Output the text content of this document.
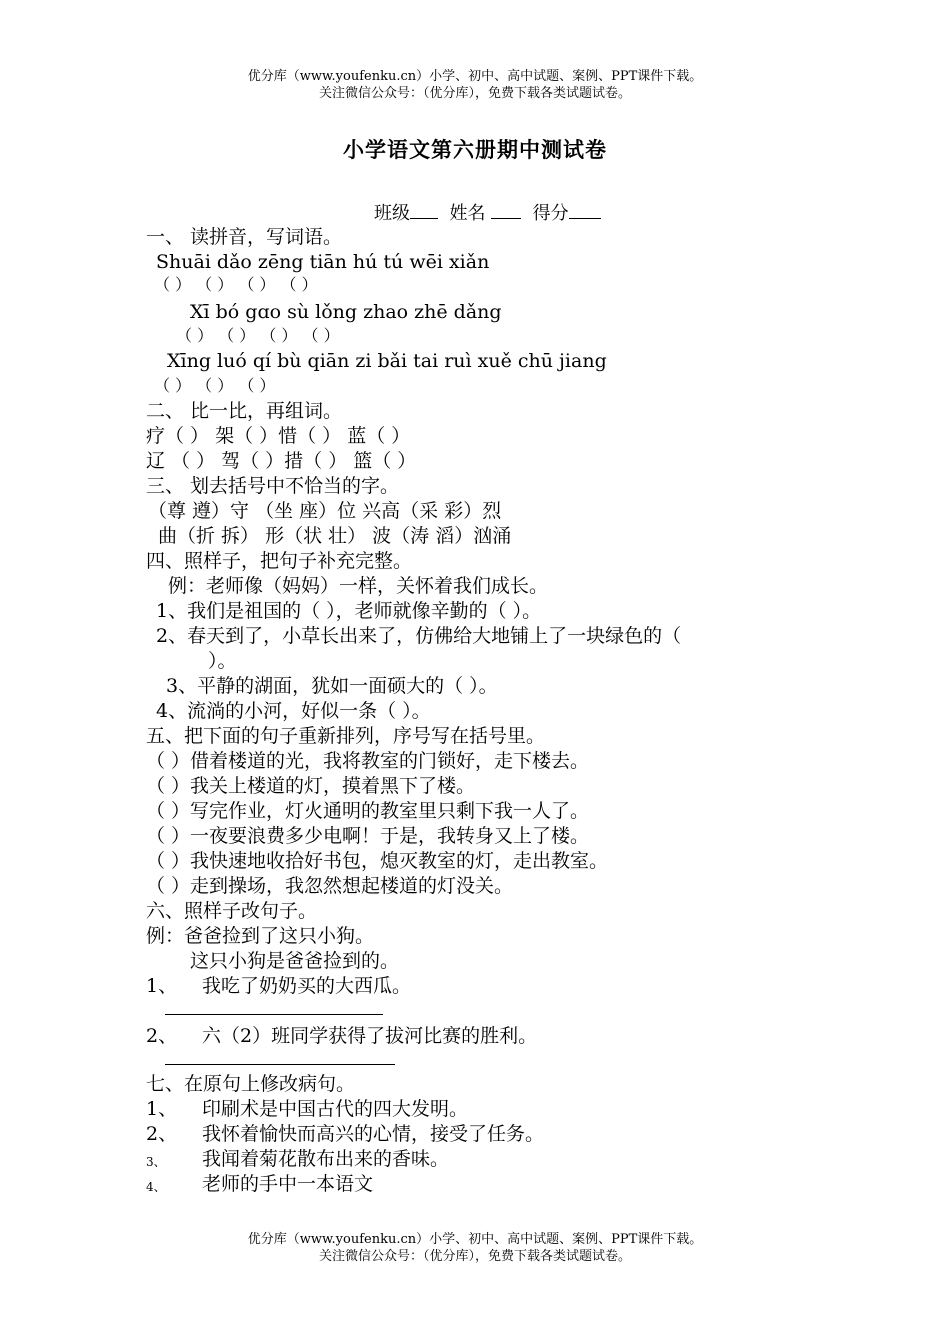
优分库（www.youfenku.cn）小学、初中、高中试题、案例、PPT课件下载。
关注微信公众号：（优分库），免费下载各类试题试卷。
小学语文第六册期中测试卷
班级 姓名	得分
一、 读拼音，写词语。
Shuāi dǎo zēng tiān hú tú wēi xiǎn
（ ） （ ） （ ） （ ）
Xī bó gɑo sù lǒng zhao zhē dǎng
（ ） （ ） （ ） （ ）
Xīng luó qí bù qiān zi bǎi tai ruì xuě chū jiang
（ ） （ ） （ ）
二、 比一比，再组词。
疗（ ） 架（ ）惜（ ） 蓝（ ）
辽 （ ） 驾（ ）措（ ） 篮（ ）
三、 划去括号中不恰当的字。
（尊 遵）守 （坐 座）位 兴高（采 彩）烈
曲（折 拆） 形（状 壮） 波（涛 滔）汹涌
四、照样子，把句子补充完整。
例：老师像（妈妈）一样，关怀着我们成长。
1、我们是祖国的（ ），老师就像辛勤的（ ）。
2、春天到了，小草长出来了，仿佛给大地铺上了一块绿色的（
）。
3、平静的湖面，犹如一面硕大的（ ）。
4、流淌的小河，好似一条（ ）。
五、把下面的句子重新排列，序号写在括号里。
（ ）借着楼道的光，我将教室的门锁好，走下楼去。
（ ）我关上楼道的灯，摸着黑下了楼。
（ ）写完作业，灯火通明的教室里只剩下我一人了。
（ ）一夜要浪费多少电啊！于是，我转身又上了楼。
（ ）我快速地收拾好书包，熄灭教室的灯，走出教室。
（ ）走到操场，我忽然想起楼道的灯没关。
六、照样子改句子。
例：爸爸捡到了这只小狗。
这只小狗是爸爸捡到的。
1、 我吃了奶奶买的大西瓜。
2、 六（2）班同学获得了拔河比赛的胜利。
七、在原句上修改病句。
1、 印刷术是中国古代的四大发明。
2、 我怀着愉快而高兴的心情，接受了任务。
3、 我闻着菊花散布出来的香味。
4、 老师的手中一本语文
优分库（www.youfenku.cn）小学、初中、高中试题、案例、PPT课件下载。
关注微信公众号：（优分库），免费下载各类试题试卷。
